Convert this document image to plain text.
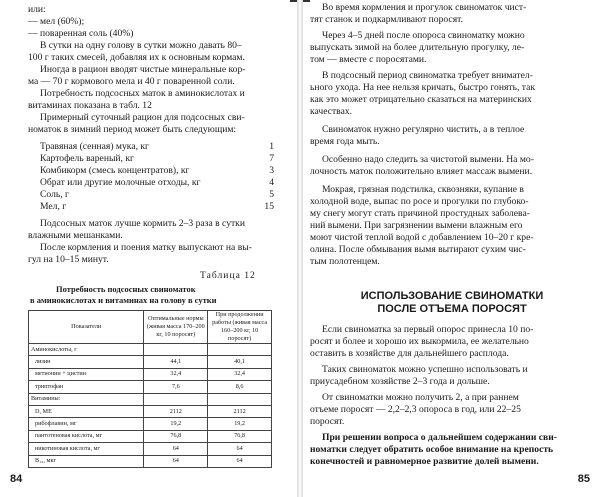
или:
— мел (60%);
— поваренная соль (40%)
В сутки на одну голову в сутки можно давать 80–
100 г таких смесей, добавляя их к основным кормам.
Иногда в рацион вводят чистые минеральные кор-
ма — 70 г кормового мела и 40 г поваренной соли.
Потребность подсосных маток в аминокислотах и
витаминах показана в табл. 12
Примерный суточный рацион для подсосных сви-
номаток в зимний период может быть следующим:
Травяная (сенная) мука, кг	1
Картофель вареный, кг	7
Комбикорм (смесь концентратов), кг	3
Обрат или другие молочные отходы, кг	4
Соль, г	5
Мел, г	15
Подсосных маток лучше кормить 2–3 раза в сутки
влажными мешанками.
После кормления и поения матку выпускают на вы-
гул на 10–15 минут.
Таблица 12
Потребность подсосных свиноматок
в аминокислотах и витаминах на голову в сутки
Показатели	Оптимальные нормы (живая масса 170–200 кг, 10 поросят)	При продолжении работы (живая масса 160–200 кг, 10 поросят)
Аминокислоты, г		
лизин	44,1	40,1
метионин + цистин	32,4	32,4
триптофан	7,6	8,6
Витамины:		
D, МЕ	2112	2112
рибофлавин, мг	19,2	19,2
пантотеновая кислота, мг	76,8	76,8
никотиновая кислота, мг	64	64
B₁₂, мкг	64	64
84
Во время кормления и прогулок свиноматок чист-
тят станок и подкармливают поросят.
Через 4–5 дней после опороса свиноматку можно
выпускать зимой на более длительную прогулку, ле-
том — вместе с поросятами.
В подсосный период свиноматка требует внимател-
ьного ухода. На нее нельзя кричать, быстро гонять, так
как это может отрицательно сказаться на материнских
качествах.
Свиноматок нужно регулярно чистить, а в теплое
время года мыть.
Особенно надо следить за чистотой вымени. На мо-
лочность маток положительно влияет массаж вымени.
Мокрая, грязная подстилка, сквозняки, купание в
холодной воде, выпас по росе и прогулки по глубоко-
му снегу могут стать причиной простудных заболева-
ний вымени. При загрязнении вымени влажным его
моют чистой теплой водой с добавлением 10–20 г кре-
олина. После обмывания вымя вытирают сухим чис-
тым полотенцем.
ИСПОЛЬЗОВАНИЕ СВИНОМАТКИ
ПОСЛЕ ОТЪЕМА ПОРОСЯТ
Если свиноматка за первый опорос принесла 10 по-
росят и более и хорошо их выкормила, ее желательно
оставить в хозяйстве для дальнейшего расплода.
Таких свиноматок можно успешно использовать и
приусадебном хозяйстве 2–3 года и дольше.
От свиноматки можно получить 2, а при раннем
отъеме поросят — 2,2–2,3 опороса в год, или 22–25
поросят.
При решении вопроса о дальнейшем содержании сви-
номатки следует обратить особое внимание на крепость
конечностей и равномерное развитие долей вымени.
85
